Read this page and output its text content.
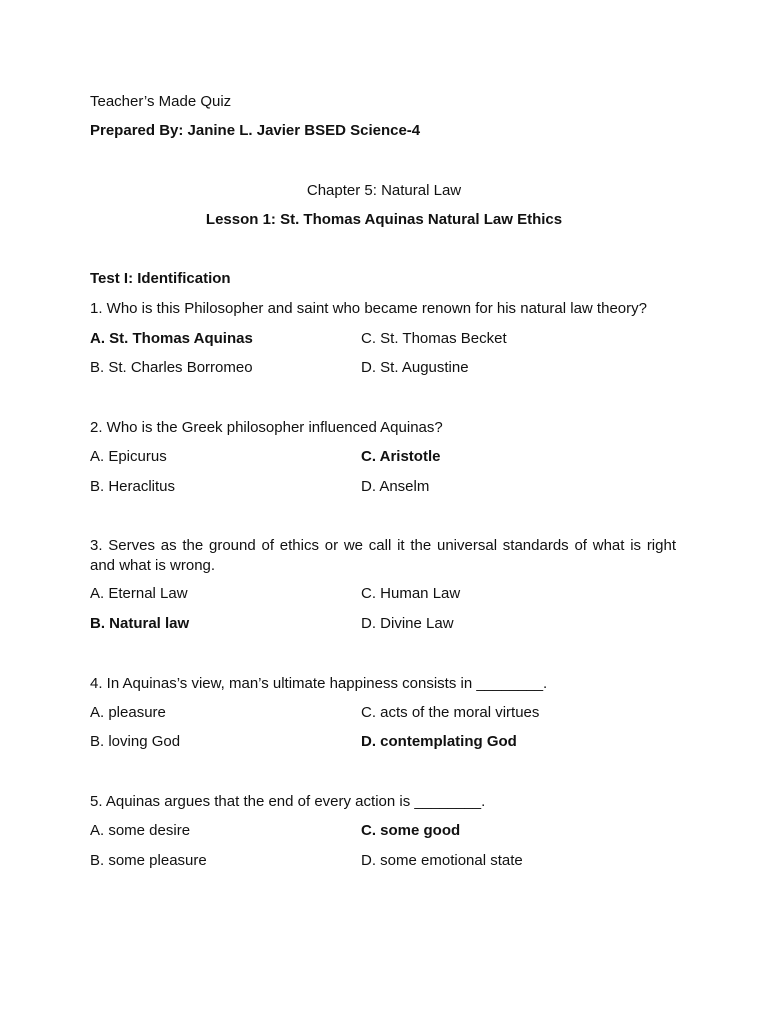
Teacher’s Made Quiz
Prepared By: Janine L. Javier BSED Science-4
Chapter 5: Natural Law
Lesson 1: St. Thomas Aquinas Natural Law Ethics
Test I: Identification
1. Who is this Philosopher and saint who became renown for his natural law theory?
A. St. Thomas Aquinas	C. St. Thomas Becket
B. St. Charles Borromeo	D. St. Augustine
2. Who is the Greek philosopher influenced Aquinas?
A. Epicurus	C. Aristotle
B. Heraclitus	D. Anselm
3. Serves as the ground of ethics or we call it the universal standards of what is right and what is wrong.
A. Eternal Law	C. Human Law
B. Natural law	D. Divine Law
4. In Aquinas’s view, man’s ultimate happiness consists in ________.
A. pleasure	C. acts of the moral virtues
B. loving God	D. contemplating God
5. Aquinas argues that the end of every action is ________.
A. some desire	C. some good
B. some pleasure	D. some emotional state
